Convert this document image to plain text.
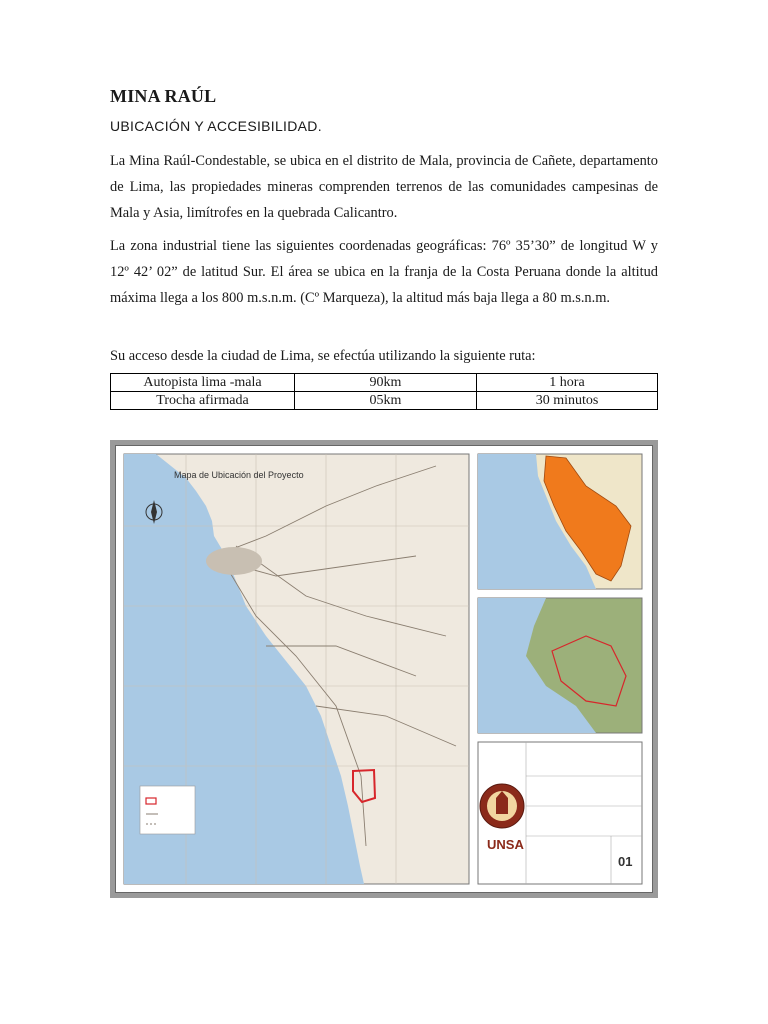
MINA RAÚL
UBICACIÓN Y ACCESIBILIDAD.
La Mina Raúl-Condestable, se ubica en el distrito de Mala, provincia de Cañete, departamento de Lima, las propiedades mineras comprenden terrenos de las comunidades campesinas de Mala y Asia, limítrofes en la quebrada Calicantro.
La zona industrial tiene las siguientes coordenadas geográficas: 76º 35’30” de longitud W y 12º 42’ 02” de latitud Sur. El área se ubica en la franja de la Costa Peruana donde la altitud máxima llega a los 800 m.s.n.m. (Cº Marqueza), la altitud más baja llega a 80 m.s.n.m.
Su acceso desde la ciudad de Lima, se efectúa utilizando la siguiente ruta:
Autopista lima -mala	90km	1 hora
Trocha afirmada	05km	30 minutos
Mapa de Ubicación del Proyecto
UNSA
01
